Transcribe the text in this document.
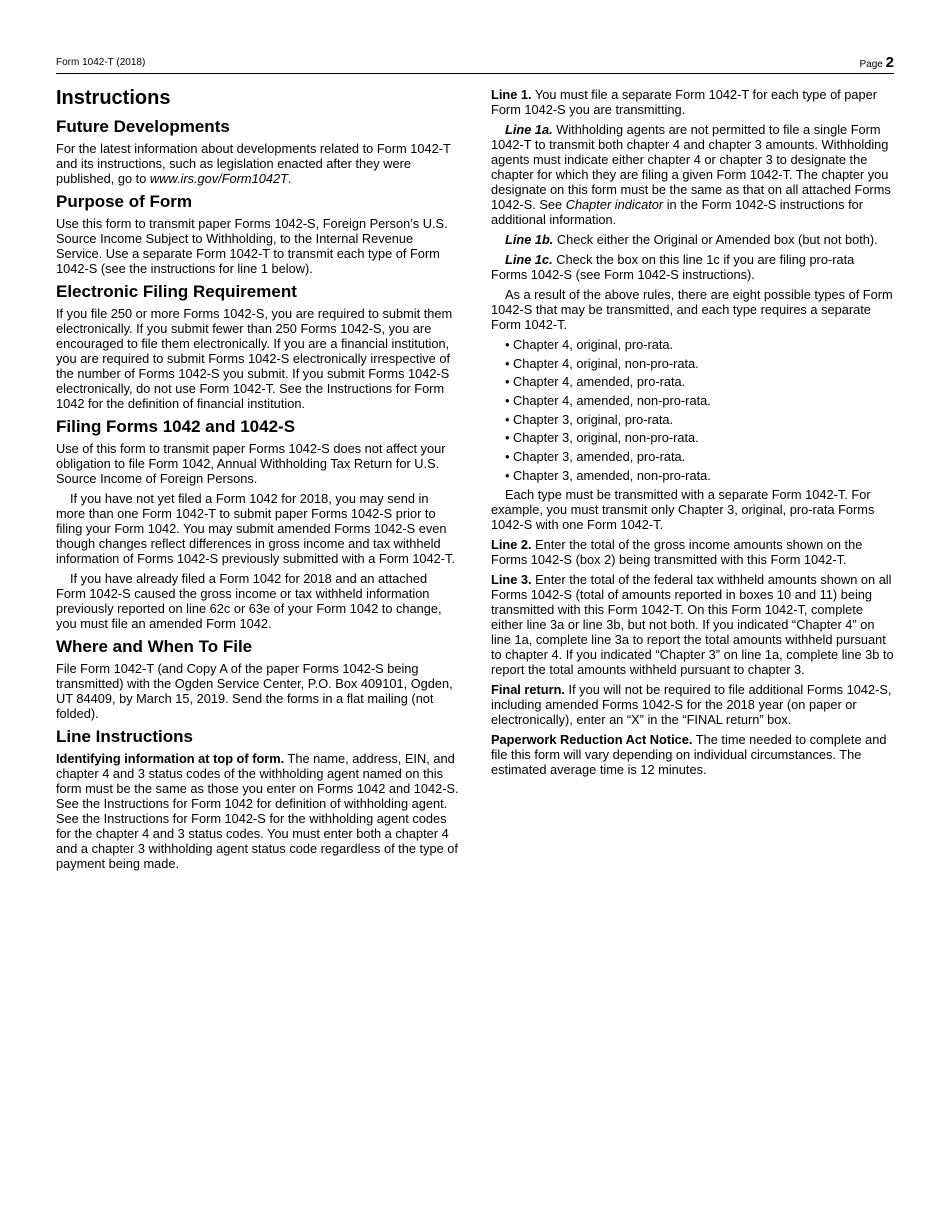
Form 1042-T (2018)	Page 2
Instructions
Future Developments

For the latest information about developments related to Form 1042-T and its instructions, such as legislation enacted after they were published, go to www.irs.gov/Form1042T.

Purpose of Form

Use this form to transmit paper Forms 1042-S, Foreign Person’s U.S. Source Income Subject to Withholding, to the Internal Revenue Service. Use a separate Form 1042-T to transmit each type of Form 1042-S (see the instructions for line 1 below).

Electronic Filing Requirement

If you file 250 or more Forms 1042-S, you are required to submit them electronically. If you submit fewer than 250 Forms 1042-S, you are encouraged to file them electronically. If you are a financial institution, you are required to submit Forms 1042-S electronically irrespective of the number of Forms 1042-S you submit. If you submit Forms 1042-S electronically, do not use Form 1042-T. See the Instructions for Form 1042 for the definition of financial institution.

Filing Forms 1042 and 1042-S

Use of this form to transmit paper Forms 1042-S does not affect your obligation to file Form 1042, Annual Withholding Tax Return for U.S. Source Income of Foreign Persons.

If you have not yet filed a Form 1042 for 2018, you may send in more than one Form 1042-T to submit paper Forms 1042-S prior to filing your Form 1042. You may submit amended Forms 1042-S even though changes reflect differences in gross income and tax withheld information of Forms 1042-S previously submitted with a Form 1042-T.

If you have already filed a Form 1042 for 2018 and an attached Form 1042-S caused the gross income or tax withheld information previously reported on line 62c or 63e of your Form 1042 to change, you must file an amended Form 1042.

Where and When To File

File Form 1042-T (and Copy A of the paper Forms 1042-S being transmitted) with the Ogden Service Center, P.O. Box 409101, Ogden, UT 84409, by March 15, 2019. Send the forms in a flat mailing (not folded).

Line Instructions

Identifying information at top of form. The name, address, EIN, and chapter 4 and 3 status codes of the withholding agent named on this form must be the same as those you enter on Forms 1042 and 1042-S. See the Instructions for Form 1042 for definition of withholding agent. See the Instructions for Form 1042-S for the withholding agent codes for the chapter 4 and 3 status codes. You must enter both a chapter 4 and a chapter 3 withholding agent status code regardless of the type of payment being made.

Line 1. You must file a separate Form 1042-T for each type of paper Form 1042-S you are transmitting.

Line 1a. Withholding agents are not permitted to file a single Form 1042-T to transmit both chapter 4 and chapter 3 amounts. Withholding agents must indicate either chapter 4 or chapter 3 to designate the chapter for which they are filing a given Form 1042-T. The chapter you designate on this form must be the same as that on all attached Forms 1042-S. See Chapter indicator in the Form 1042-S instructions for additional information.

Line 1b. Check either the Original or Amended box (but not both).

Line 1c. Check the box on this line 1c if you are filing pro-rata Forms 1042-S (see Form 1042-S instructions).

As a result of the above rules, there are eight possible types of Form 1042-S that may be transmitted, and each type requires a separate Form 1042-T.

• Chapter 4, original, pro-rata.
• Chapter 4, original, non-pro-rata.
• Chapter 4, amended, pro-rata.
• Chapter 4, amended, non-pro-rata.
• Chapter 3, original, pro-rata.
• Chapter 3, original, non-pro-rata.
• Chapter 3, amended, pro-rata.
• Chapter 3, amended, non-pro-rata.

Each type must be transmitted with a separate Form 1042-T. For example, you must transmit only Chapter 3, original, pro-rata Forms 1042-S with one Form 1042-T.

Line 2. Enter the total of the gross income amounts shown on the Forms 1042-S (box 2) being transmitted with this Form 1042-T.

Line 3. Enter the total of the federal tax withheld amounts shown on all Forms 1042-S (total of amounts reported in boxes 10 and 11) being transmitted with this Form 1042-T. On this Form 1042-T, complete either line 3a or line 3b, but not both. If you indicated “Chapter 4” on line 1a, complete line 3a to report the total amounts withheld pursuant to chapter 4. If you indicated “Chapter 3” on line 1a, complete line 3b to report the total amounts withheld pursuant to chapter 3.

Final return. If you will not be required to file additional Forms 1042-S, including amended Forms 1042-S for the 2018 year (on paper or electronically), enter an “X” in the “FINAL return” box.

Paperwork Reduction Act Notice. The time needed to complete and file this form will vary depending on individual circumstances. The estimated average time is 12 minutes.
